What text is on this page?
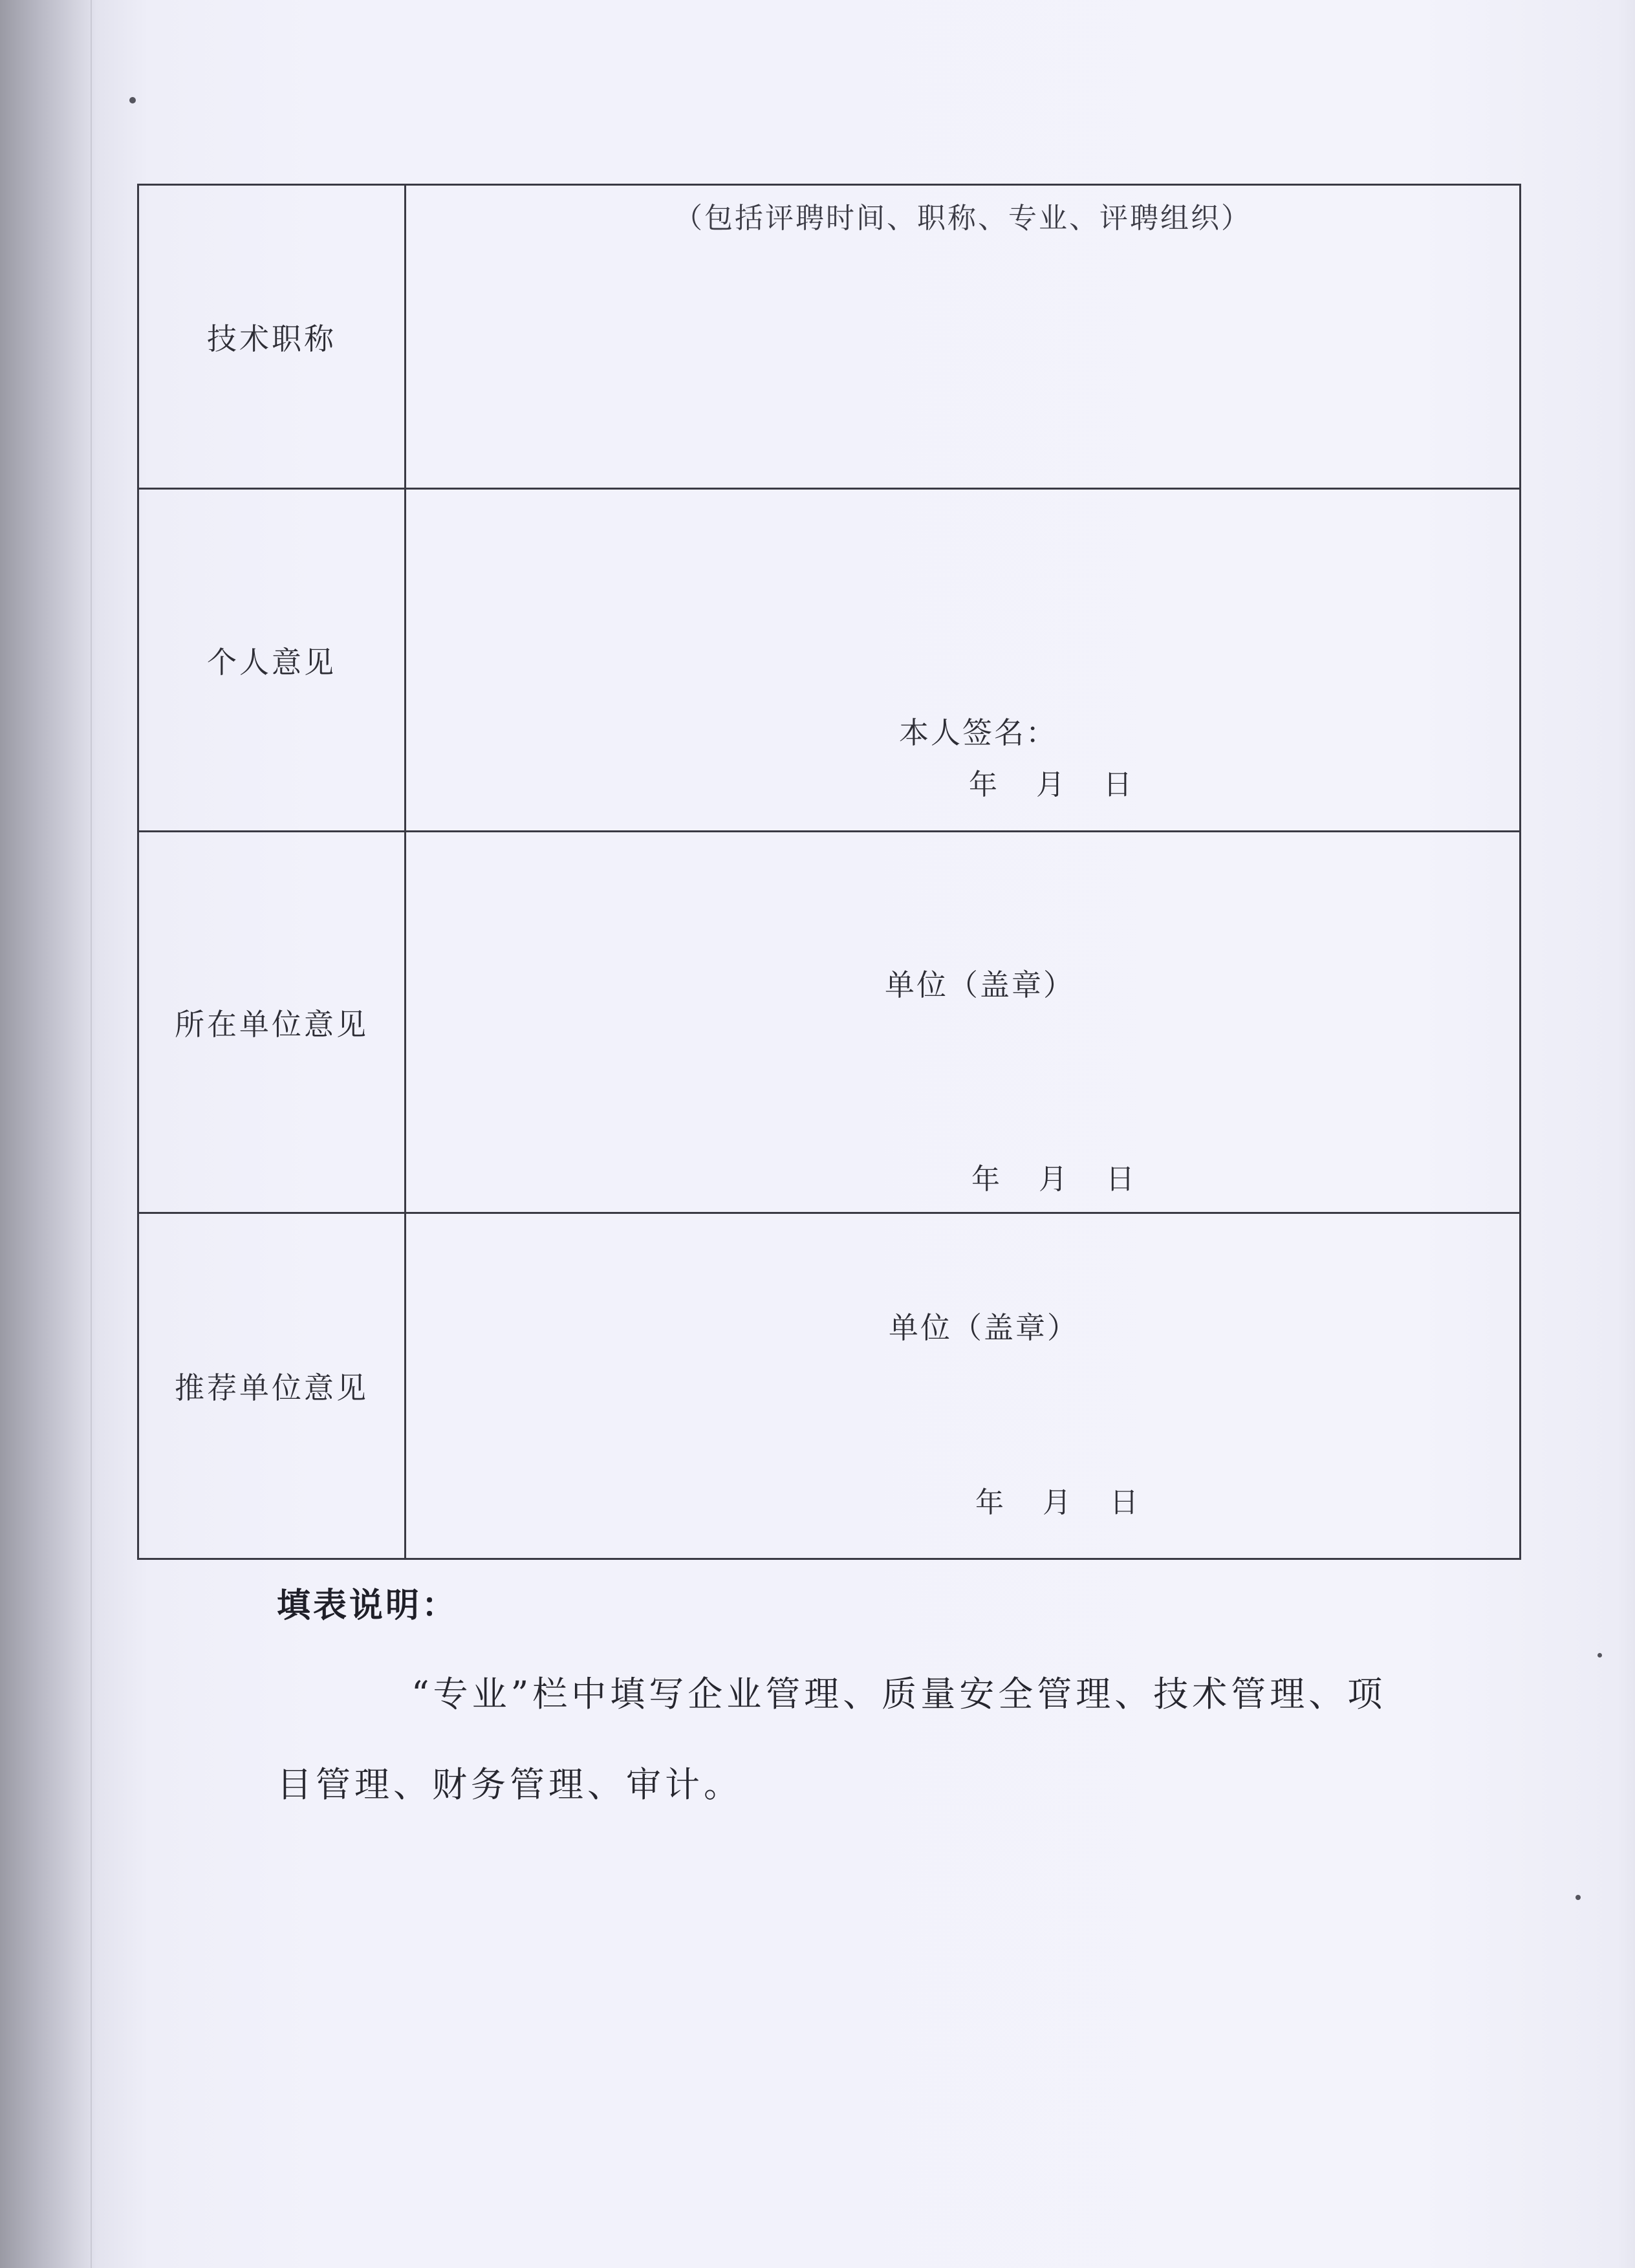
技术职称	（包括评聘时间、职称、专业、评聘组织）

个人意见	本人签名：
年 月 日

所在单位意见	单位（盖章）
年 月 日

推荐单位意见	单位（盖章）
年 月 日
填表说明：
“专业”栏中填写企业管理、质量安全管理、技术管理、项目管理、财务管理、审计。
